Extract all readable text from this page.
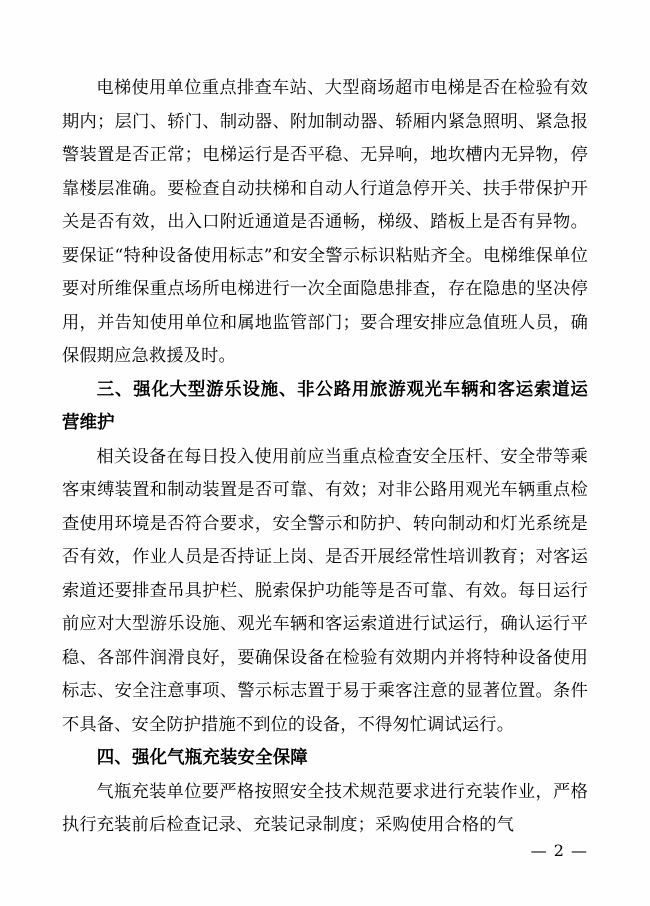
电梯使用单位重点排查车站、大型商场超市电梯是否在检验有效期内；层门、轿门、制动器、附加制动器、轿厢内紧急照明、紧急报警装置是否正常；电梯运行是否平稳、无异响，地坎槽内无异物，停靠楼层准确。要检查自动扶梯和自动人行道急停开关、扶手带保护开关是否有效，出入口附近通道是否通畅，梯级、踏板上是否有异物。要保证“特种设备使用标志”和安全警示标识粘贴齐全。电梯维保单位要对所维保重点场所电梯进行一次全面隐患排查，存在隐患的坚决停用，并告知使用单位和属地监管部门；要合理安排应急值班人员，确保假期应急救援及时。

三、强化大型游乐设施、非公路用旅游观光车辆和客运索道运营维护

相关设备在每日投入使用前应当重点检查安全压杆、安全带等乘客束缚装置和制动装置是否可靠、有效；对非公路用观光车辆重点检查使用环境是否符合要求，安全警示和防护、转向制动和灯光系统是否有效，作业人员是否持证上岗、是否开展经常性培训教育；对客运索道还要排查吊具护栏、脱索保护功能等是否可靠、有效。每日运行前应对大型游乐设施、观光车辆和客运索道进行试运行，确认运行平稳、各部件润滑良好，要确保设备在检验有效期内并将特种设备使用标志、安全注意事项、警示标志置于易于乘客注意的显著位置。条件不具备、安全防护措施不到位的设备，不得匆忙调试运行。

四、强化气瓶充装安全保障

气瓶充装单位要严格按照安全技术规范要求进行充装作业，严格执行充装前后检查记录、充装记录制度；采购使用合格的气

— 2 —
